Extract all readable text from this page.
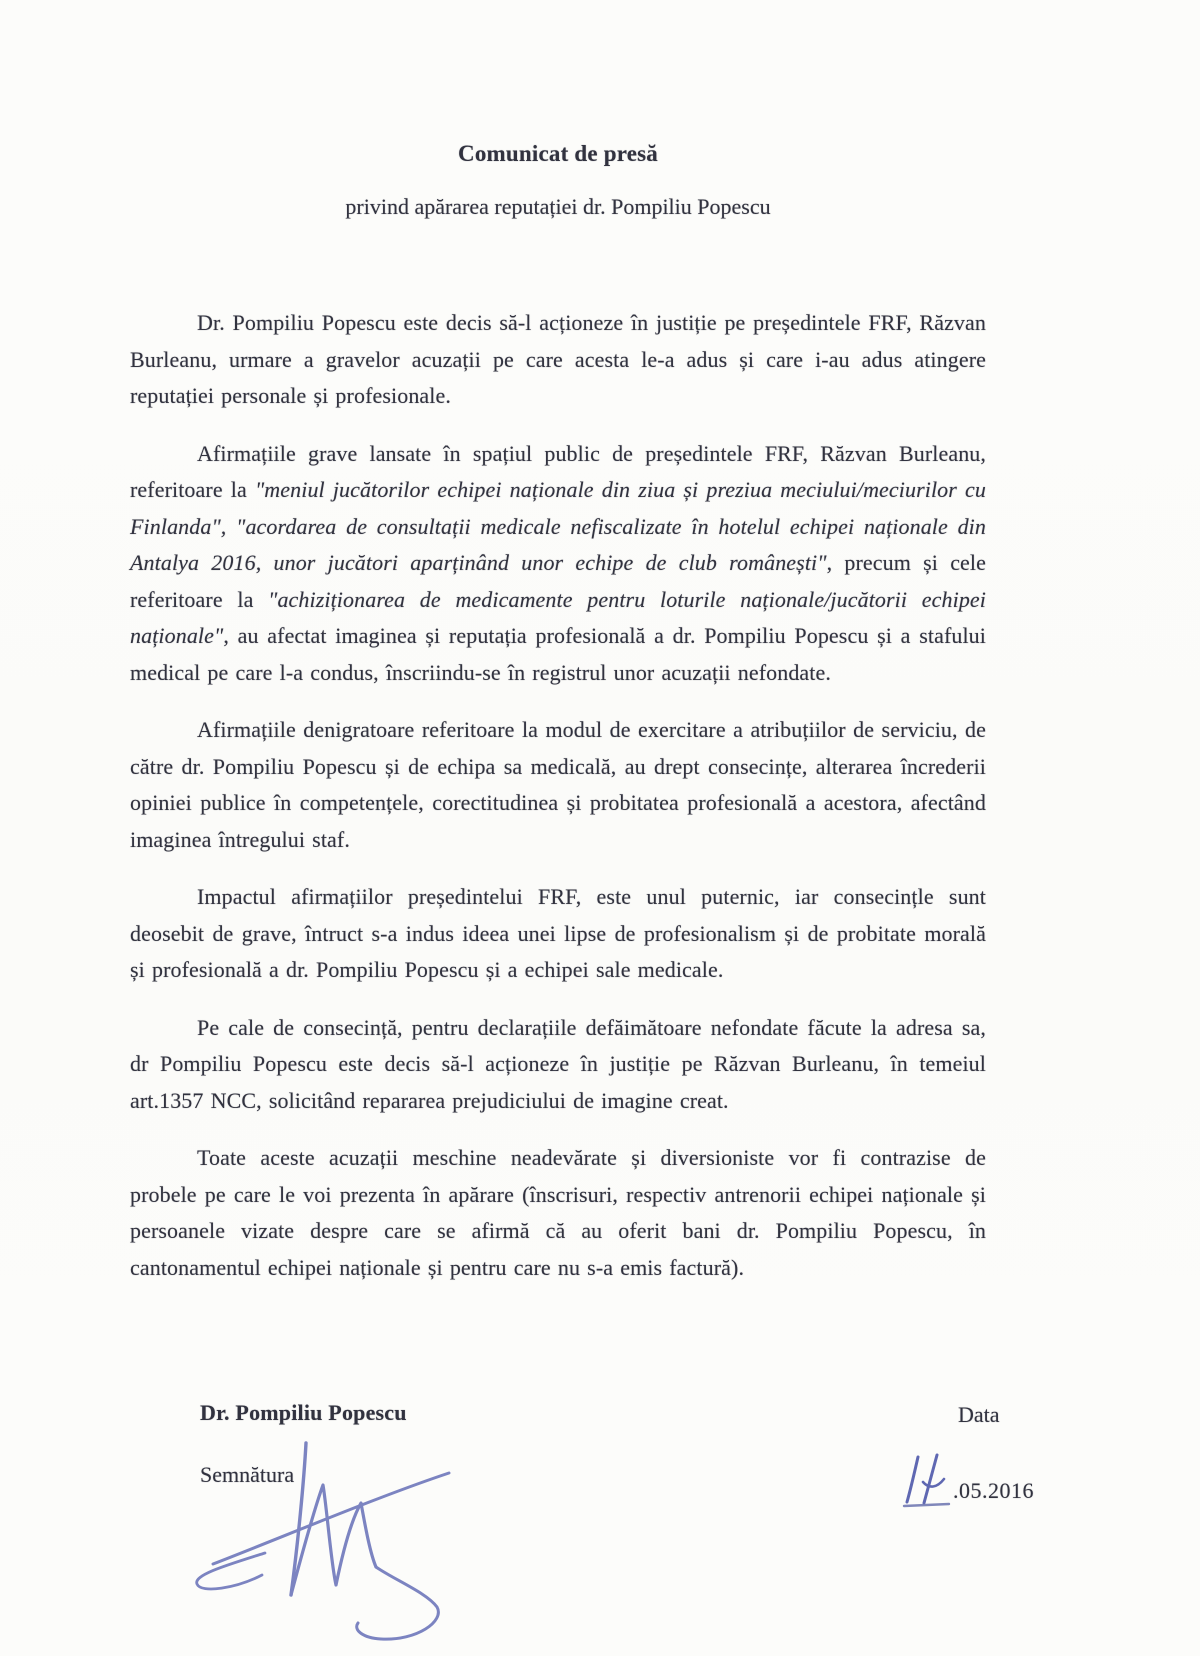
Comunicat de presă
privind apărarea reputației dr. Pompiliu Popescu

Dr. Pompiliu Popescu este decis să-l acționeze în justiție pe președintele FRF, Răzvan Burleanu, urmare a gravelor acuzații pe care acesta le-a adus și care i-au adus atingere reputației personale și profesionale.

Afirmațiile grave lansate în spațiul public de președintele FRF, Răzvan Burleanu, referitoare la "meniul jucătorilor echipei naționale din ziua și preziua meciului/meciurilor cu Finlanda", "acordarea de consultații medicale nefiscalizate în hotelul echipei naționale din Antalya 2016, unor jucători aparținând unor echipe de club românești", precum și cele referitoare la "achiziționarea de medicamente pentru loturile naționale/jucătorii echipei naționale", au afectat imaginea și reputația profesională a dr. Pompiliu Popescu și a stafului medical pe care l-a condus, înscriindu-se în registrul unor acuzații nefondate.

Afirmațiile denigratoare referitoare la modul de exercitare a atribuțiilor de serviciu, de către dr. Pompiliu Popescu și de echipa sa medicală, au drept consecințe, alterarea încrederii opiniei publice în competențele, corectitudinea și probitatea profesională a acestora, afectând imaginea întregului staf.

Impactul afirmațiilor președintelui FRF, este unul puternic, iar consecințle sunt deosebit de grave, întruct s-a indus ideea unei lipse de profesionalism și de probitate morală și profesională a dr. Pompiliu Popescu și a echipei sale medicale.

Pe cale de consecință, pentru declarațiile defăimătoare nefondate făcute la adresa sa, dr Pompiliu Popescu este decis să-l acționeze în justiție pe Răzvan Burleanu, în temeiul art.1357 NCC, solicitând repararea prejudiciului de imagine creat.

Toate aceste acuzații meschine neadevărate și diversioniste vor fi contrazise de probele pe care le voi prezenta în apărare (înscrisuri, respectiv antrenorii echipei naționale și persoanele vizate despre care se afirmă că au oferit bani dr. Pompiliu Popescu, în cantonamentul echipei naționale și pentru care nu s-a emis factură).

Dr. Pompiliu Popescu	Data
Semnătura
.05.2016
